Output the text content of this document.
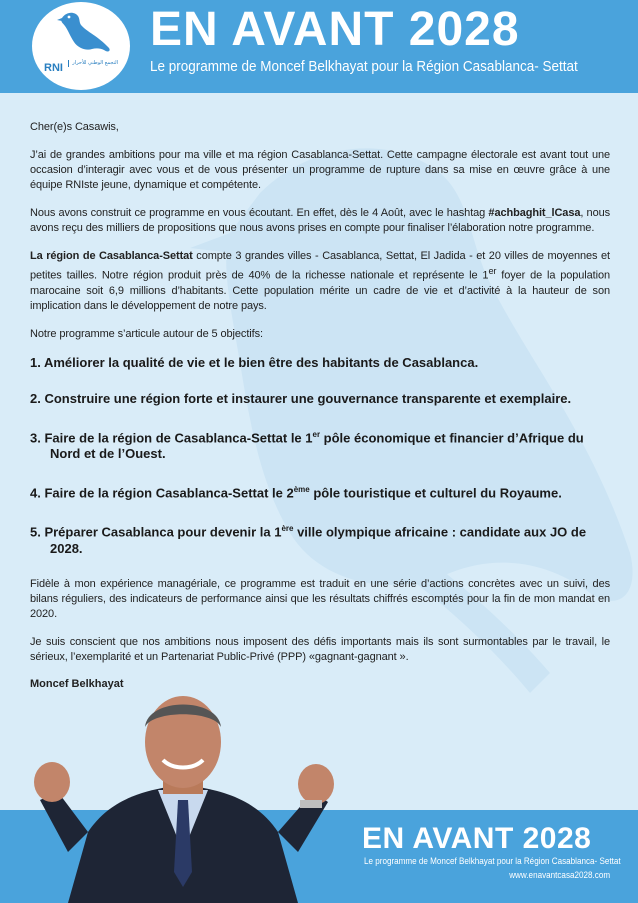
RNI	التجمع الوطني للأحرار
EN AVANT 2028
Le programme de Moncef Belkhayat pour la Région Casablanca- Settat

Cher(e)s Casawis,

J’ai de grandes ambitions pour ma ville et ma région Casablanca-Settat. Cette campagne électorale est avant tout une occasion d’interagir avec vous et de vous présenter un programme de rupture dans sa mise en œuvre grâce à une équipe RNIste jeune, dynamique et compétente.

Nous avons construit ce programme en vous écoutant. En effet, dès le 4 Août, avec le hashtag #achbaghit_lCasa, nous avons reçu des milliers de propositions que nous avons prises en compte pour finaliser l’élaboration notre programme.

La région de Casablanca-Settat compte 3 grandes villes - Casablanca, Settat, El Jadida - et 20 villes de moyennes et petites tailles. Notre région produit près de 40% de la richesse nationale et représente le 1er foyer de la population marocaine soit 6,9 millions d’habitants. Cette population mérite un cadre de vie et d’activité à la hauteur de son implication dans le développement de notre pays.

Notre programme s’articule autour de 5 objectifs:

1. Améliorer la qualité de vie et le bien être des habitants de Casablanca.

2. Construire une région forte et instaurer une gouvernance transparente et exemplaire.

3. Faire de la région de Casablanca-Settat le 1er pôle économique et financier d’Afrique du Nord et de l’Ouest.

4. Faire de la région Casablanca-Settat le 2ème pôle touristique et culturel du Royaume.

5. Préparer Casablanca pour devenir la 1ère ville olympique africaine : candidate aux JO de 2028.

Fidèle à mon expérience managériale, ce programme est traduit en une série d’actions concrètes avec un suivi, des bilans réguliers, des indicateurs de performance ainsi que les résultats chiffrés escomptés pour la fin de mon mandat en 2020.

Je suis conscient que nos ambitions nous imposent des défis importants mais ils sont surmontables par le travail, le sérieux, l’exemplarité et un Partenariat Public-Privé (PPP) «gagnant-gagnant ».

Moncef Belkhayat

EN AVANT 2028
Le programme de Moncef Belkhayat pour la Région Casablanca- Settat
www.enavantcasa2028.com
